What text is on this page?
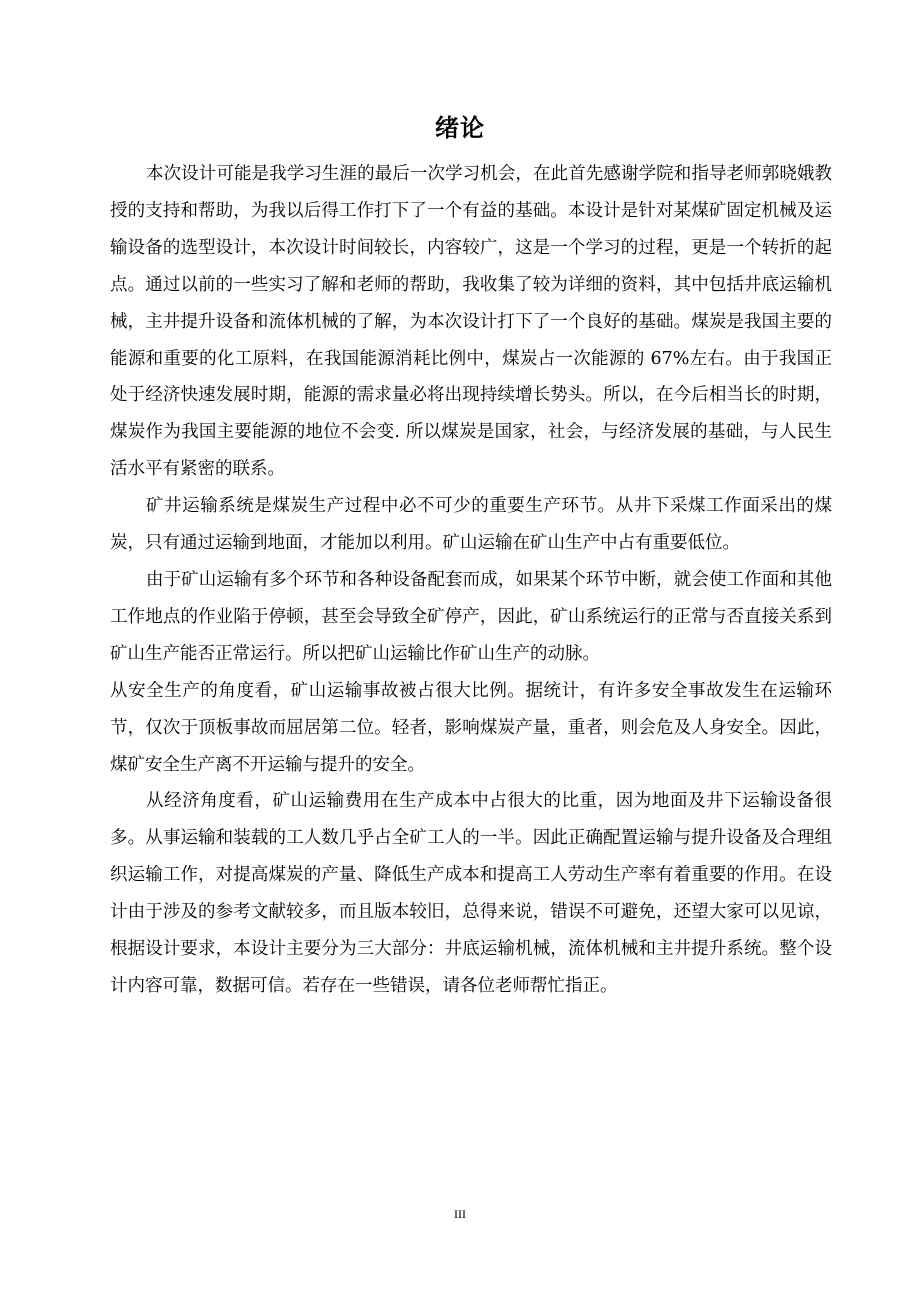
绪论

本次设计可能是我学习生涯的最后一次学习机会，在此首先感谢学院和指导老师郭晓娥教授的支持和帮助，为我以后得工作打下了一个有益的基础。本设计是针对某煤矿固定机械及运输设备的选型设计，本次设计时间较长，内容较广，这是一个学习的过程，更是一个转折的起点。通过以前的一些实习了解和老师的帮助，我收集了较为详细的资料，其中包括井底运输机械，主井提升设备和流体机械的了解，为本次设计打下了一个良好的基础。煤炭是我国主要的能源和重要的化工原料，在我国能源消耗比例中，煤炭占一次能源的 67%左右。由于我国正处于经济快速发展时期，能源的需求量必将出现持续增长势头。所以，在今后相当长的时期，煤炭作为我国主要能源的地位不会变. 所以煤炭是国家，社会，与经济发展的基础，与人民生活水平有紧密的联系。

矿井运输系统是煤炭生产过程中必不可少的重要生产环节。从井下采煤工作面采出的煤炭，只有通过运输到地面，才能加以利用。矿山运输在矿山生产中占有重要低位。

由于矿山运输有多个环节和各种设备配套而成，如果某个环节中断，就会使工作面和其他工作地点的作业陷于停顿，甚至会导致全矿停产，因此，矿山系统运行的正常与否直接关系到矿山生产能否正常运行。所以把矿山运输比作矿山生产的动脉。

从安全生产的角度看，矿山运输事故被占很大比例。据统计，有许多安全事故发生在运输环节，仅次于顶板事故而屈居第二位。轻者，影响煤炭产量，重者，则会危及人身安全。因此，煤矿安全生产离不开运输与提升的安全。

从经济角度看，矿山运输费用在生产成本中占很大的比重，因为地面及井下运输设备很多。从事运输和装载的工人数几乎占全矿工人的一半。因此正确配置运输与提升设备及合理组织运输工作，对提高煤炭的产量、降低生产成本和提高工人劳动生产率有着重要的作用。在设计由于涉及的参考文献较多，而且版本较旧，总得来说，错误不可避免，还望大家可以见谅，根据设计要求，本设计主要分为三大部分：井底运输机械，流体机械和主井提升系统。整个设计内容可靠，数据可信。若存在一些错误，请各位老师帮忙指正。

III
